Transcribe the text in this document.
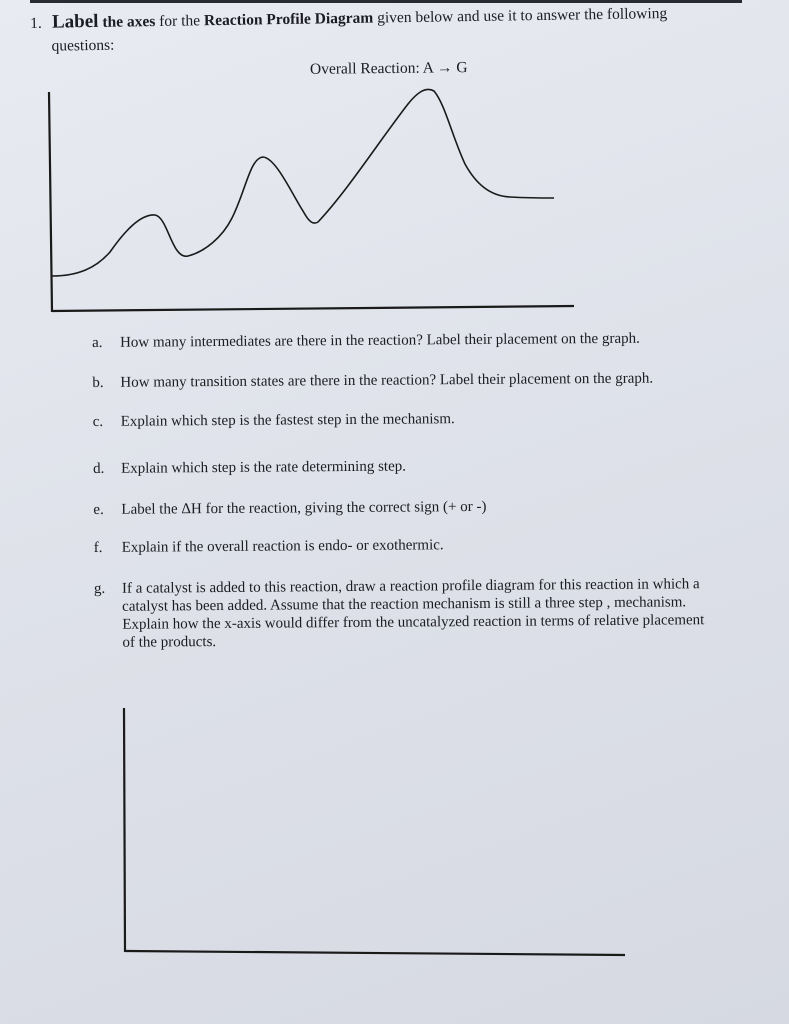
1. Label the axes for the Reaction Profile Diagram given below and use it to answer the following
questions:
Overall Reaction: A → G
a.	How many intermediates are there in the reaction? Label their placement on the graph.
b.	How many transition states are there in the reaction? Label their placement on the graph.
c.	Explain which step is the fastest step in the mechanism.
d.	Explain which step is the rate determining step.
e.	Label the ΔH for the reaction, giving the correct sign (+ or -)
f.	Explain if the overall reaction is endo- or exothermic.
g.	If a catalyst is added to this reaction, draw a reaction profile diagram for this reaction in which a
catalyst has been added. Assume that the reaction mechanism is still a three step , mechanism.
Explain how the x-axis would differ from the uncatalyzed reaction in terms of relative placement
of the products.
